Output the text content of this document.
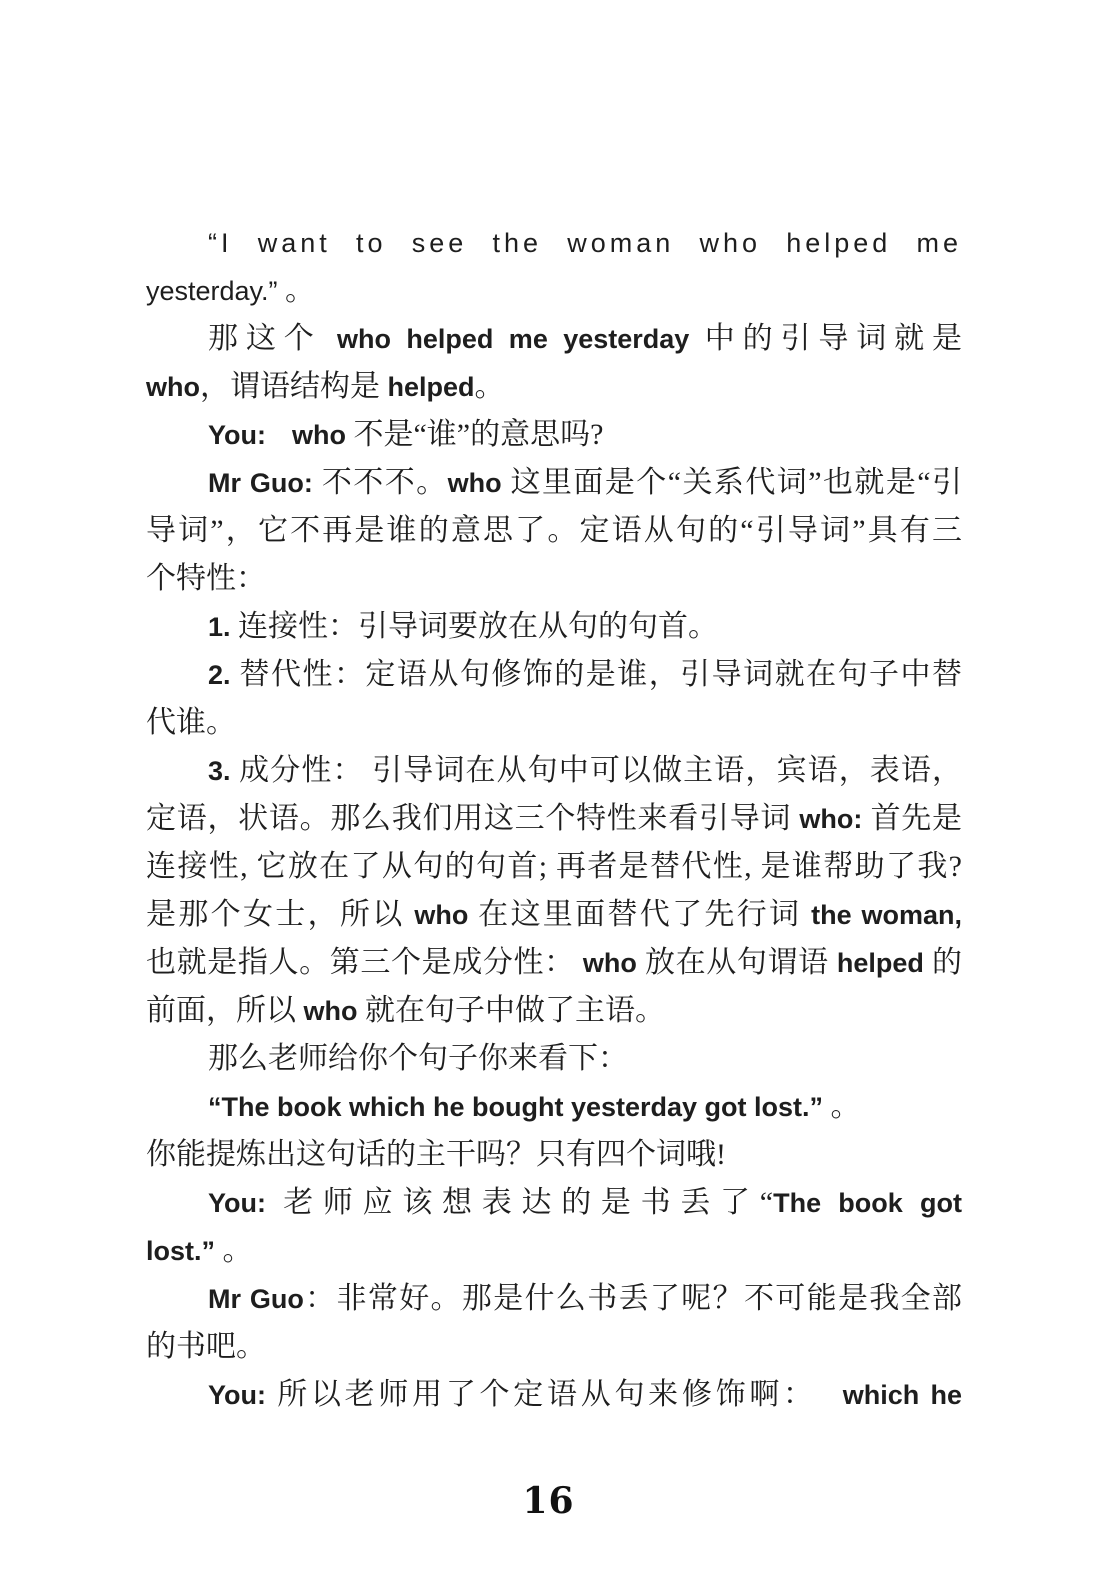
“I want to see the woman who helped me
yesterday.” 。
那这个 who helped me yesterday 中的引导词就是
who，谓语结构是 helped。
You: who 不是“谁”的意思吗?
Mr Guo: 不不不。who 这里面是个“关系代词”也就是“引
导词”，它不再是谁的意思了。定语从句的“引导词”具有三
个特性：
1. 连接性：引导词要放在从句的句首。
2. 替代性：定语从句修饰的是谁，引导词就在句子中替
代谁。
3. 成分性： 引导词在从句中可以做主语，宾语，表语，
定语，状语。那么我们用这三个特性来看引导词 who: 首先是
连接性, 它放在了从句的句首; 再者是替代性, 是谁帮助了我?
是那个女士，所以 who 在这里面替代了先行词 the woman,
也就是指人。第三个是成分性： who 放在从句谓语 helped 的
前面，所以 who 就在句子中做了主语。
那么老师给你个句子你来看下：
“The book which he bought yesterday got lost.” 。
你能提炼出这句话的主干吗？只有四个词哦!
You: 老师应该想表达的是书丢了“The book got
lost.” 。
Mr Guo：非常好。那是什么书丢了呢？不可能是我全部
的书吧。
You: 所以老师用了个定语从句来修饰啊： which he
16
